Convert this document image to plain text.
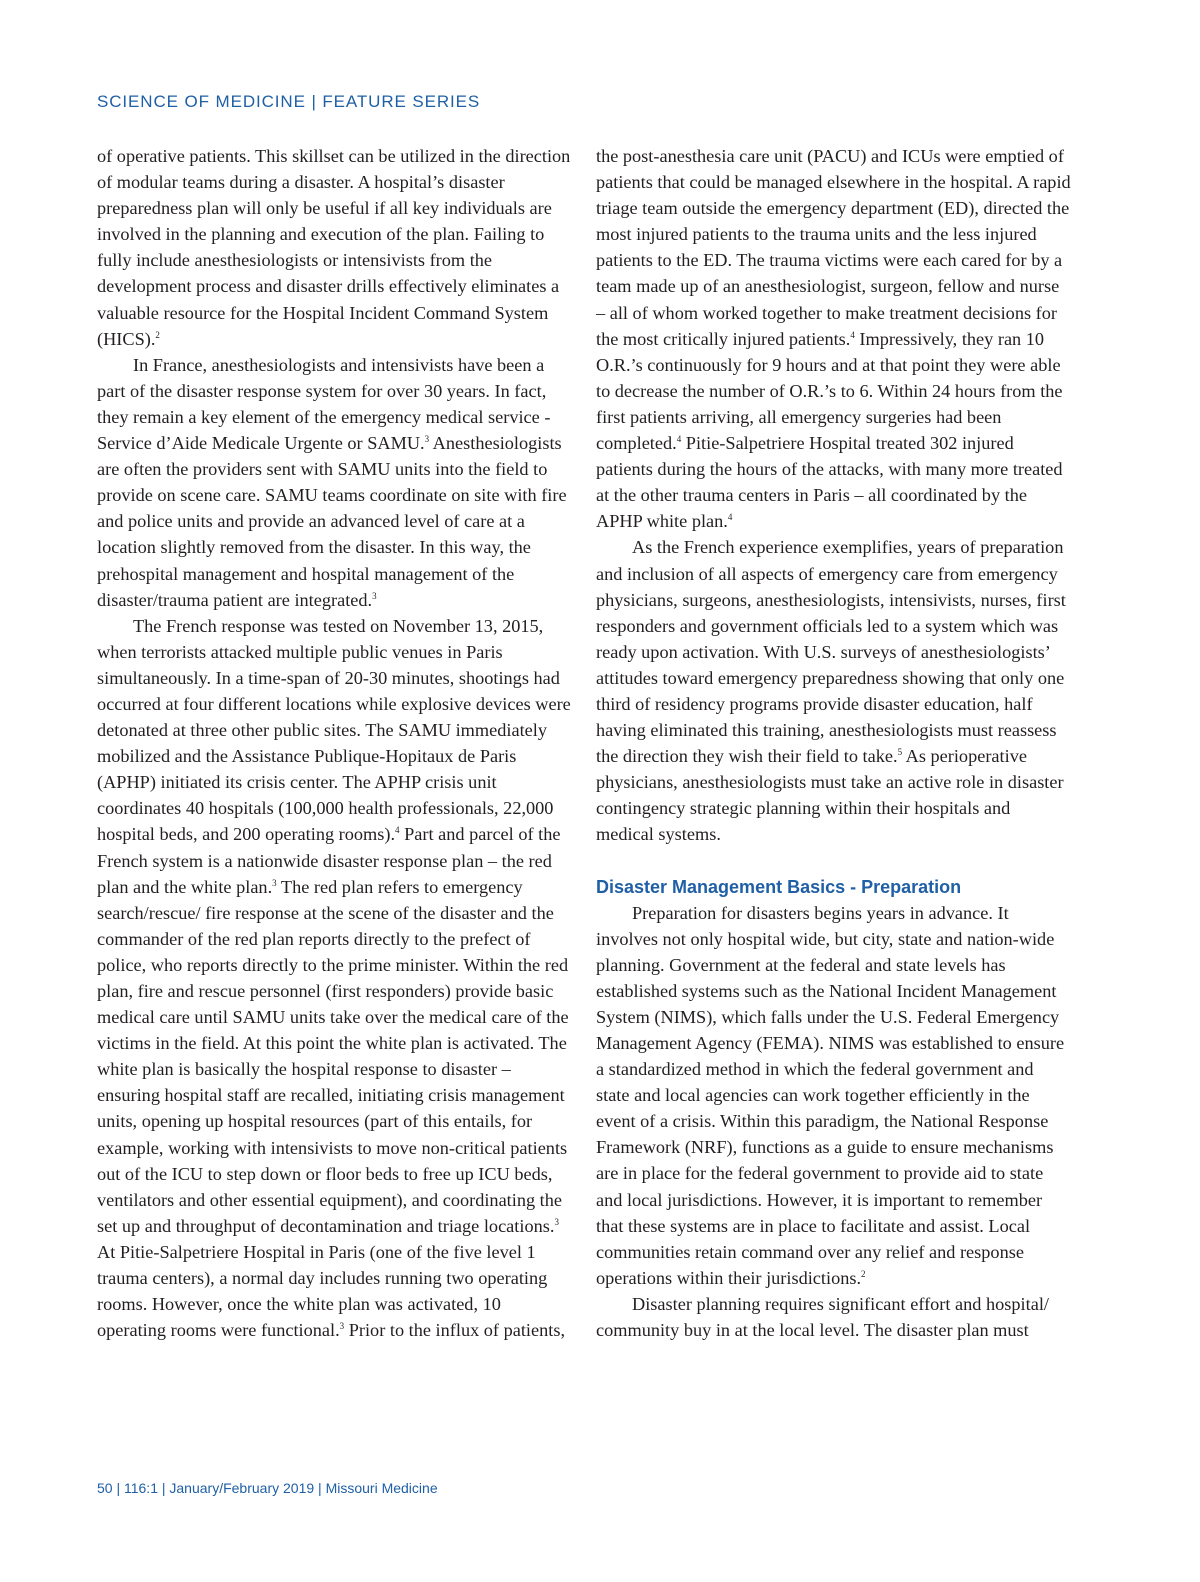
SCIENCE OF MEDICINE | FEATURE SERIES

of operative patients. This skillset can be utilized in the direction of modular teams during a disaster. A hospital’s disaster preparedness plan will only be useful if all key individuals are involved in the planning and execution of the plan. Failing to fully include anesthesiologists or intensivists from the development process and disaster drills effectively eliminates a valuable resource for the Hospital Incident Command System (HICS).$^2$

In France, anesthesiologists and intensivists have been a part of the disaster response system for over 30 years. In fact, they remain a key element of the emergency medical service - Service d’Aide Medicale Urgente or SAMU.$^3$ Anesthesiologists are often the providers sent with SAMU units into the field to provide on scene care. SAMU teams coordinate on site with fire and police units and provide an advanced level of care at a location slightly removed from the disaster. In this way, the prehospital management and hospital management of the disaster/trauma patient are integrated.$^3$

The French response was tested on November 13, 2015, when terrorists attacked multiple public venues in Paris simultaneously. In a time-span of 20-30 minutes, shootings had occurred at four different locations while explosive devices were detonated at three other public sites. The SAMU immediately mobilized and the Assistance Publique-Hopitaux de Paris (APHP) initiated its crisis center. The APHP crisis unit coordinates 40 hospitals (100,000 health professionals, 22,000 hospital beds, and 200 operating rooms).$^4$ Part and parcel of the French system is a nationwide disaster response plan – the red plan and the white plan.$^3$ The red plan refers to emergency search/rescue/ fire response at the scene of the disaster and the commander of the red plan reports directly to the prefect of police, who reports directly to the prime minister. Within the red plan, fire and rescue personnel (first responders) provide basic medical care until SAMU units take over the medical care of the victims in the field. At this point the white plan is activated. The white plan is basically the hospital response to disaster – ensuring hospital staff are recalled, initiating crisis management units, opening up hospital resources (part of this entails, for example, working with intensivists to move non-critical patients out of the ICU to step down or floor beds to free up ICU beds, ventilators and other essential equipment), and coordinating the set up and throughput of decontamination and triage locations.$^3$ At Pitie-Salpetriere Hospital in Paris (one of the five level 1 trauma centers), a normal day includes running two operating rooms. However, once the white plan was activated, 10 operating rooms were functional.$^3$ Prior to the influx of patients,

the post-anesthesia care unit (PACU) and ICUs were emptied of patients that could be managed elsewhere in the hospital. A rapid triage team outside the emergency department (ED), directed the most injured patients to the trauma units and the less injured patients to the ED. The trauma victims were each cared for by a team made up of an anesthesiologist, surgeon, fellow and nurse – all of whom worked together to make treatment decisions for the most critically injured patients.$^4$ Impressively, they ran 10 O.R.’s continuously for 9 hours and at that point they were able to decrease the number of O.R.’s to 6. Within 24 hours from the first patients arriving, all emergency surgeries had been completed.$^4$ Pitie-Salpetriere Hospital treated 302 injured patients during the hours of the attacks, with many more treated at the other trauma centers in Paris – all coordinated by the APHP white plan.$^4$

As the French experience exemplifies, years of preparation and inclusion of all aspects of emergency care from emergency physicians, surgeons, anesthesiologists, intensivists, nurses, first responders and government officials led to a system which was ready upon activation. With U.S. surveys of anesthesiologists’ attitudes toward emergency preparedness showing that only one third of residency programs provide disaster education, half having eliminated this training, anesthesiologists must reassess the direction they wish their field to take.$^5$ As perioperative physicians, anesthesiologists must take an active role in disaster contingency strategic planning within their hospitals and medical systems.

Disaster Management Basics - Preparation

Preparation for disasters begins years in advance. It involves not only hospital wide, but city, state and nation-wide planning. Government at the federal and state levels has established systems such as the National Incident Management System (NIMS), which falls under the U.S. Federal Emergency Management Agency (FEMA). NIMS was established to ensure a standardized method in which the federal government and state and local agencies can work together efficiently in the event of a crisis. Within this paradigm, the National Response Framework (NRF), functions as a guide to ensure mechanisms are in place for the federal government to provide aid to state and local jurisdictions. However, it is important to remember that these systems are in place to facilitate and assist. Local communities retain command over any relief and response operations within their jurisdictions.$^2$

Disaster planning requires significant effort and hospital/ community buy in at the local level. The disaster plan must

50 | 116:1 | January/February 2019 | Missouri Medicine
